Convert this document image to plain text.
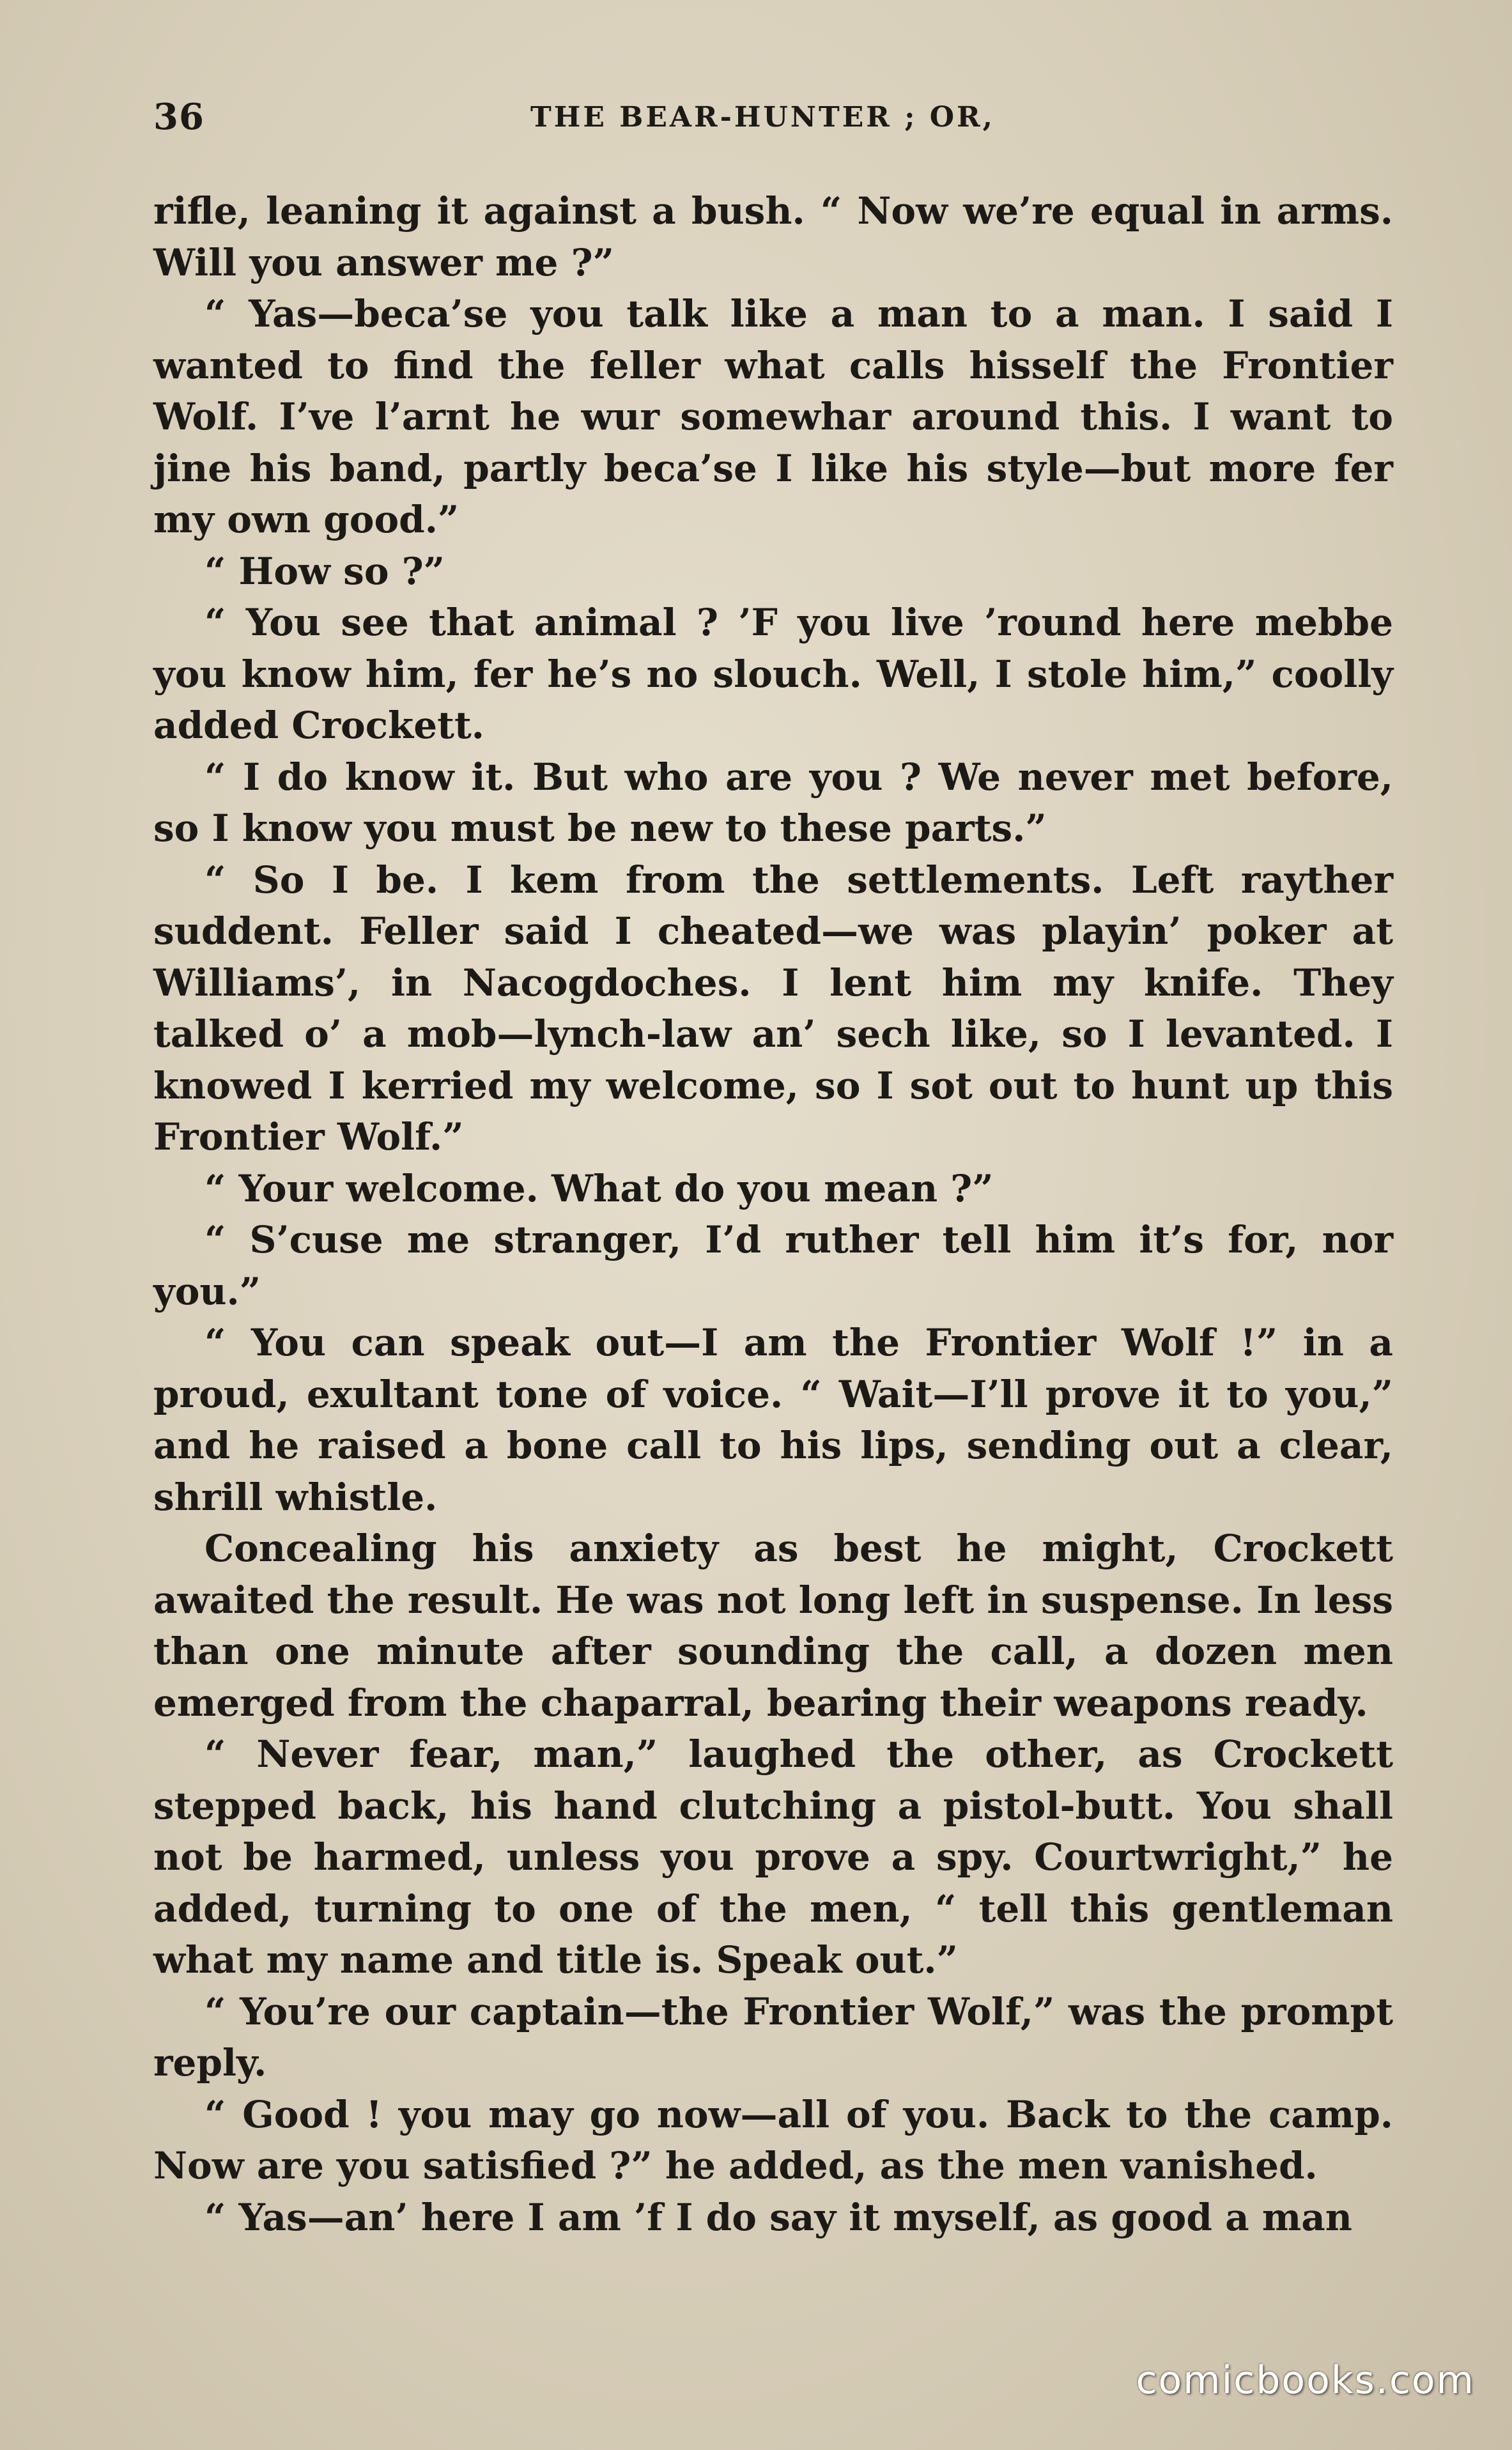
36	THE BEAR-HUNTER ; OR,

rifle, leaning it against a bush. “ Now we’re equal in arms. Will you answer me ?”

“ Yas—beca’se you talk like a man to a man. I said I wanted to find the feller what calls hisself the Frontier Wolf. I’ve l’arnt he wur somewhar around this. I want to jine his band, partly beca’se I like his style—but more fer my own good.”

“ How so ?”

“ You see that animal ? ’F you live ’round here mebbe you know him, fer he’s no slouch. Well, I stole him,” coolly added Crockett.

“ I do know it. But who are you ? We never met before, so I know you must be new to these parts.”

“ So I be. I kem from the settlements. Left rayther suddent. Feller said I cheated—we was playin’ poker at Williams’, in Nacogdoches. I lent him my knife. They talked o’ a mob—lynch-law an’ sech like, so I levanted. I knowed I kerried my welcome, so I sot out to hunt up this Frontier Wolf.”

“ Your welcome. What do you mean ?”

“ S’cuse me stranger, I’d ruther tell him it’s for, nor you.”

“ You can speak out—I am the Frontier Wolf !” in a proud, exultant tone of voice. “ Wait—I’ll prove it to you,” and he raised a bone call to his lips, sending out a clear, shrill whistle.

Concealing his anxiety as best he might, Crockett awaited the result. He was not long left in suspense. In less than one minute after sounding the call, a dozen men emerged from the chaparral, bearing their weapons ready.

“ Never fear, man,” laughed the other, as Crockett stepped back, his hand clutching a pistol-butt. You shall not be harmed, unless you prove a spy. Courtwright,” he added, turning to one of the men, “ tell this gentleman what my name and title is. Speak out.”

“ You’re our captain—the Frontier Wolf,” was the prompt reply.

“ Good ! you may go now—all of you. Back to the camp. Now are you satisfied ?” he added, as the men vanished.

“ Yas—an’ here I am ’f I do say it myself, as good a man

comicbooks.com
